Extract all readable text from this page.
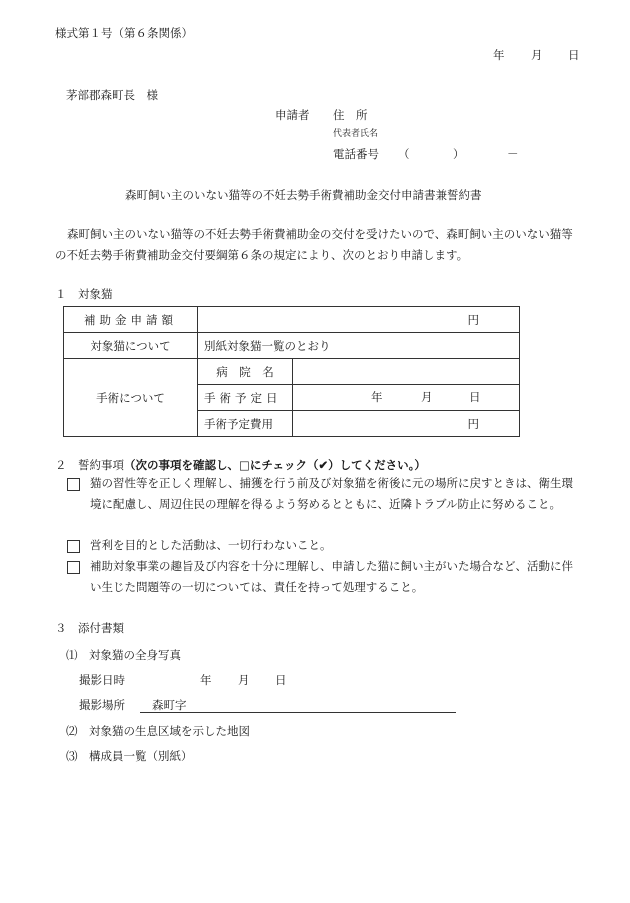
様式第１号（第６条関係）
年 月 日
茅部郡森町長　様
申請者 住　所
代表者氏名
電話番号 （	）	－
森町飼い主のいない猫等の不妊去勢手術費補助金交付申請書兼誓約書
森町飼い主のいない猫等の不妊去勢手術費補助金の交付を受けたいので、森町飼い主のいない猫等の不妊去勢手術費補助金交付要綱第６条の規定により、次のとおり申請します。
１　対象猫
補助金申請額	円	
対象猫について	別紙対象猫一覧のとおり	
手術について	病　院　名	
	手術予定日	年 月 日

	手術予定費用	円
２　誓約事項（次の事項を確認し、□にチェック（✔）してください。）
猫の習性等を正しく理解し、捕獲を行う前及び対象猫を術後に元の場所に戻すときは、衛生環境に配慮し、周辺住民の理解を得るよう努めるとともに、近隣トラブル防止に努めること。
営利を目的とした活動は、一切行わないこと。
補助対象事業の趣旨及び内容を十分に理解し、申請した猫に飼い主がいた場合など、活動に伴い生じた問題等の一切については、責任を持って処理すること。
３　添付書類
⑴　対象猫の全身写真
撮影日時	年 月 日
撮影場所 森町字
⑵　対象猫の生息区域を示した地図
⑶　構成員一覧（別紙）
